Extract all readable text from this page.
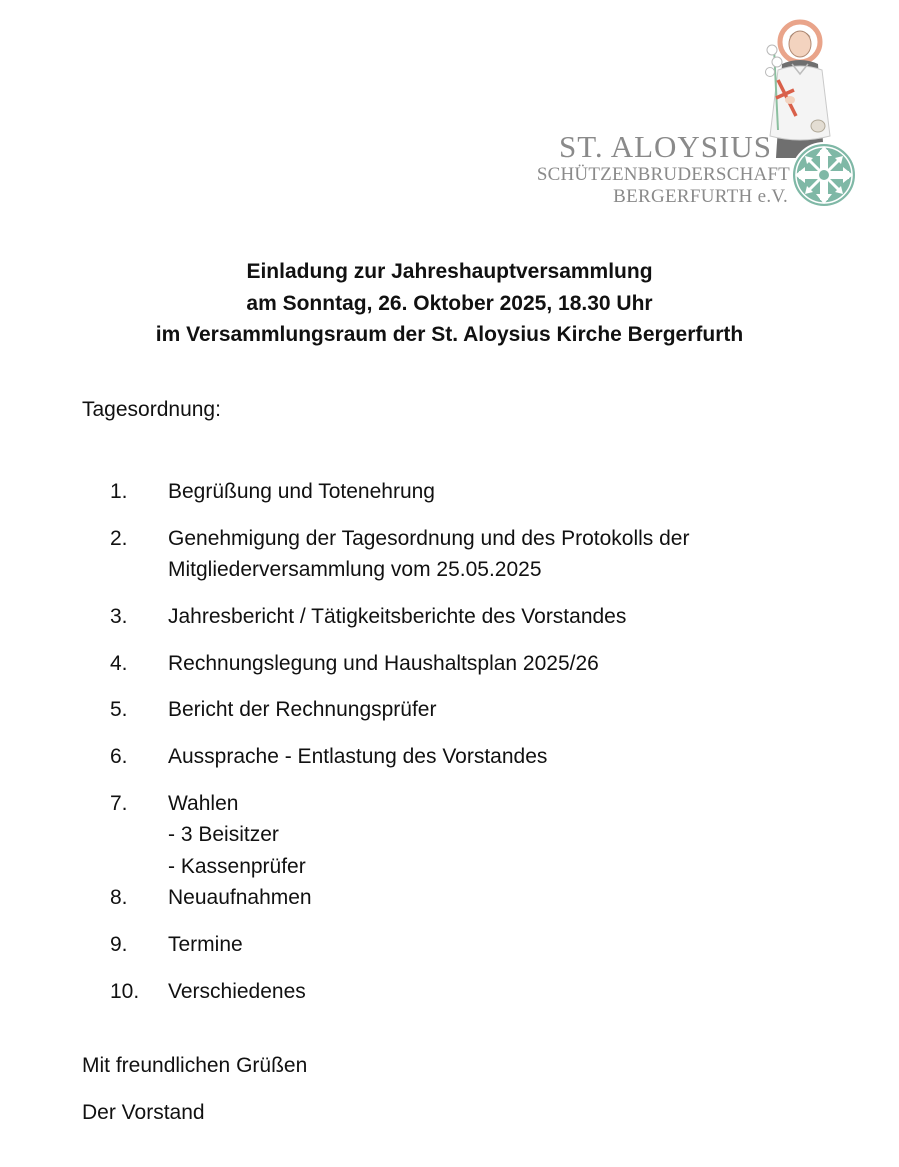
ST. ALOYSIUS
SCHÜTZENBRUDERSCHAFT
BERGERFURTH e.V.
Einladung zur Jahreshauptversammlung
am Sonntag, 26. Oktober 2025, 18.30 Uhr
im Versammlungsraum der St. Aloysius Kirche Bergerfurth
Tagesordnung:
1.	Begrüßung und Totenehrung
2.	Genehmigung der Tagesordnung und des Protokolls der
Mitgliederversammlung vom 25.05.2025
3.	Jahresbericht / Tätigkeitsberichte des Vorstandes
4.	Rechnungslegung und Haushaltsplan 2025/26
5.	Bericht der Rechnungsprüfer
6.	Aussprache - Entlastung des Vorstandes
7.	Wahlen
- 3 Beisitzer
- Kassenprüfer
8.	Neuaufnahmen
9.	Termine
10.	Verschiedenes
Mit freundlichen Grüßen
Der Vorstand
